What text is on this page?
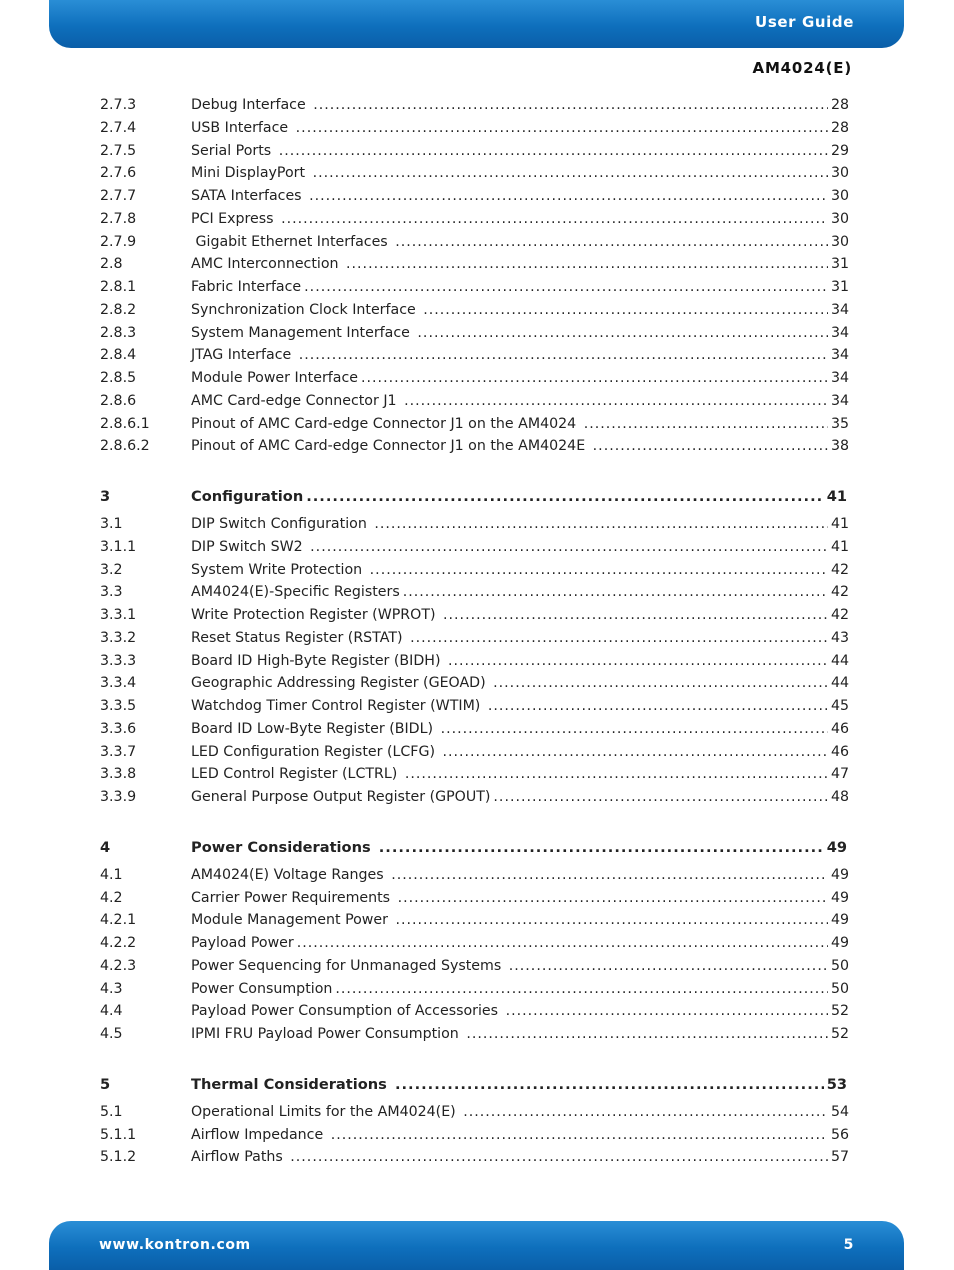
User Guide
AM4024(E)
2.7.3	Debug Interface .....	28
2.7.4	USB Interface .....	28
2.7.5	Serial Ports .....	29
2.7.6	Mini DisplayPort .....	30
2.7.7	SATA Interfaces .....	30
2.7.8	PCI Express .....	30
2.7.9	Gigabit Ethernet Interfaces .....	30
2.8	AMC Interconnection .....	31
2.8.1	Fabric Interface .....	31
2.8.2	Synchronization Clock Interface .....	34
2.8.3	System Management Interface .....	34
2.8.4	JTAG Interface .....	34
2.8.5	Module Power Interface .....	34
2.8.6	AMC Card-edge Connector J1 .....	34
2.8.6.1	Pinout of AMC Card-edge Connector J1 on the AM4024 .....	35
2.8.6.2	Pinout of AMC Card-edge Connector J1 on the AM4024E .....	38
3	Configuration .....	41
3.1	DIP Switch Configuration .....	41
3.1.1	DIP Switch SW2 .....	41
3.2	System Write Protection .....	42
3.3	AM4024(E)-Specific Registers .....	42
3.3.1	Write Protection Register (WPROT) .....	42
3.3.2	Reset Status Register (RSTAT) .....	43
3.3.3	Board ID High-Byte Register (BIDH) .....	44
3.3.4	Geographic Addressing Register (GEOAD) .....	44
3.3.5	Watchdog Timer Control Register (WTIM) .....	45
3.3.6	Board ID Low-Byte Register (BIDL) .....	46
3.3.7	LED Configuration Register (LCFG) .....	46
3.3.8	LED Control Register (LCTRL) .....	47
3.3.9	General Purpose Output Register (GPOUT) .....	48
4	Power Considerations .....	49
4.1	AM4024(E) Voltage Ranges .....	49
4.2	Carrier Power Requirements .....	49
4.2.1	Module Management Power .....	49
4.2.2	Payload Power .....	49
4.2.3	Power Sequencing for Unmanaged Systems .....	50
4.3	Power Consumption .....	50
4.4	Payload Power Consumption of Accessories .....	52
4.5	IPMI FRU Payload Power Consumption .....	52
5	Thermal Considerations .....	53
5.1	Operational Limits for the AM4024(E) .....	54
5.1.1	Airflow Impedance .....	56
5.1.2	Airflow Paths .....	57
www.kontron.com	5
